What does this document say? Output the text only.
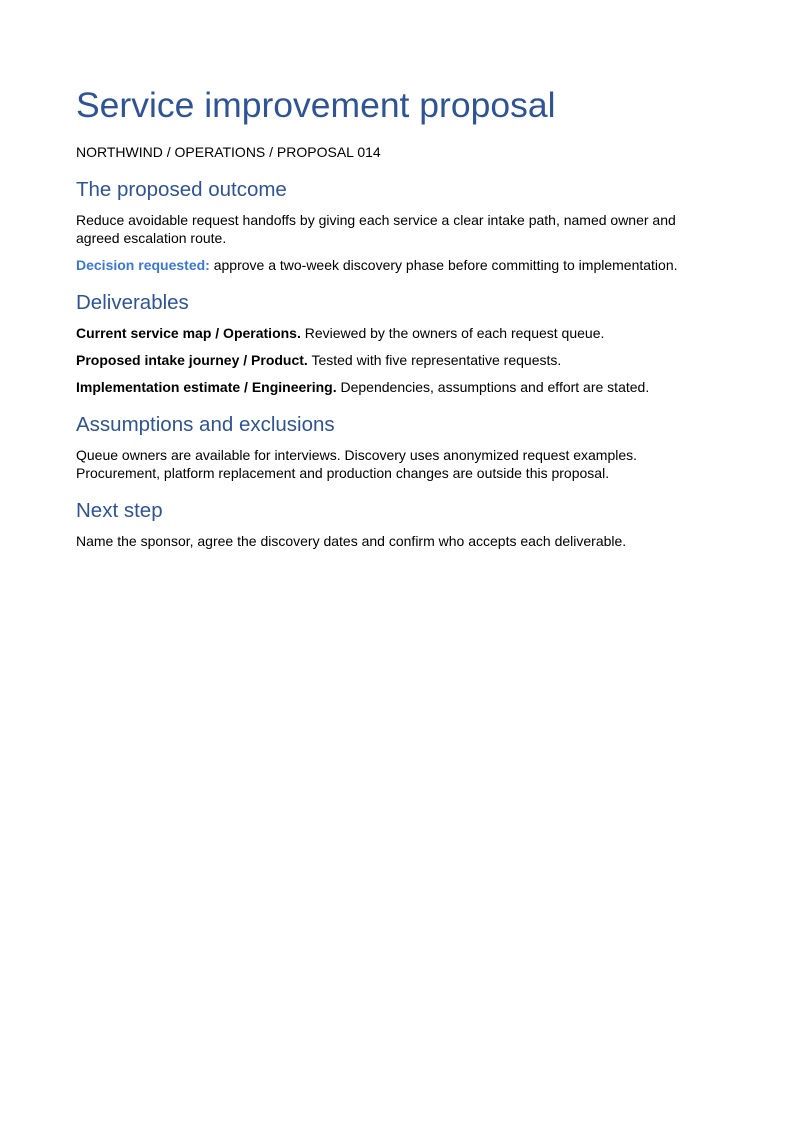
Service improvement proposal

NORTHWIND / OPERATIONS / PROPOSAL 014

The proposed outcome

Reduce avoidable request handoffs by giving each service a clear intake path, named owner and agreed escalation route.

Decision requested: approve a two-week discovery phase before committing to implementation.

Deliverables

Current service map / Operations. Reviewed by the owners of each request queue.

Proposed intake journey / Product. Tested with five representative requests.

Implementation estimate / Engineering. Dependencies, assumptions and effort are stated.

Assumptions and exclusions

Queue owners are available for interviews. Discovery uses anonymized request examples. Procurement, platform replacement and production changes are outside this proposal.

Next step

Name the sponsor, agree the discovery dates and confirm who accepts each deliverable.
